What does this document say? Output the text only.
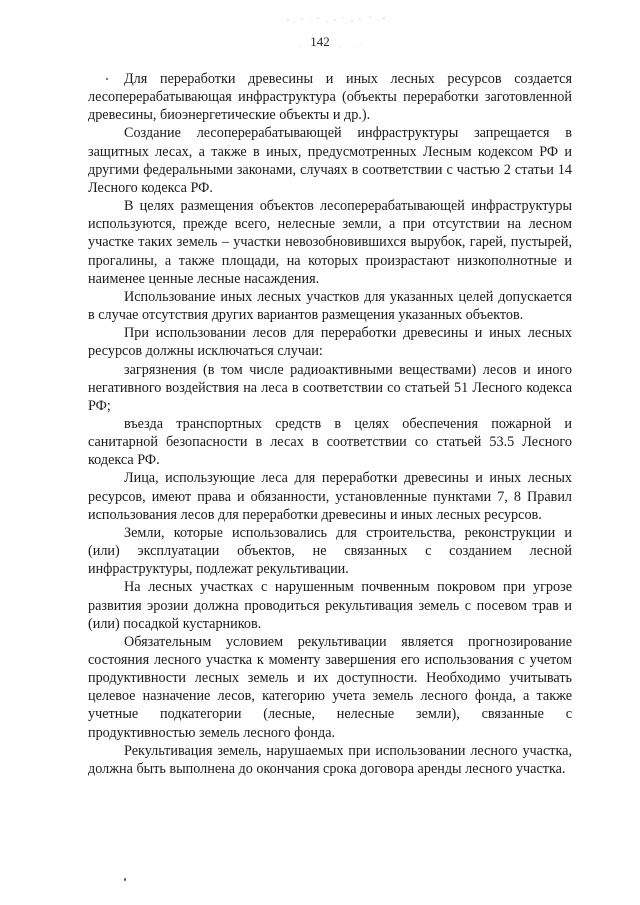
142

Для переработки древесины и иных лесных ресурсов создается лесоперерабатывающая инфраструктура (объекты переработки заготовленной древесины, биоэнергетические объекты и др.).

Создание лесоперерабатывающей инфраструктуры запрещается в защитных лесах, а также в иных, предусмотренных Лесным кодексом РФ и другими федеральными законами, случаях в соответствии с частью 2 статьи 14 Лесного кодекса РФ.

В целях размещения объектов лесоперерабатывающей инфраструктуры используются, прежде всего, нелесные земли, а при отсутствии на лесном участке таких земель – участки невозобновившихся вырубок, гарей, пустырей, прогалины, а также площади, на которых произрастают низкополнотные и наименее ценные лесные насаждения.

Использование иных лесных участков для указанных целей допускается в случае отсутствия других вариантов размещения указанных объектов.

При использовании лесов для переработки древесины и иных лесных ресурсов должны исключаться случаи:

загрязнения (в том числе радиоактивными веществами) лесов и иного негативного воздействия на леса в соответствии со статьей 51 Лесного кодекса РФ;

въезда транспортных средств в целях обеспечения пожарной и санитарной безопасности в лесах в соответствии со статьей 53.5 Лесного кодекса РФ.

Лица, использующие леса для переработки древесины и иных лесных ресурсов, имеют права и обязанности, установленные пунктами 7, 8 Правил использования лесов для переработки древесины и иных лесных ресурсов.

Земли, которые использовались для строительства, реконструкции и (или) эксплуатации объектов, не связанных с созданием лесной инфраструктуры, подлежат рекультивации.

На лесных участках с нарушенным почвенным покровом при угрозе развития эрозии должна проводиться рекультивация земель с посевом трав и (или) посадкой кустарников.

Обязательным условием рекультивации является прогнозирование состояния лесного участка к моменту завершения его использования с учетом продуктивности лесных земель и их доступности. Необходимо учитывать целевое назначение лесов, категорию учета земель лесного фонда, а также учетные подкатегории (лесные, нелесные земли), связанные с продуктивностью земель лесного фонда.

Рекультивация земель, нарушаемых при использовании лесного участка, должна быть выполнена до окончания срока договора аренды лесного участка.
